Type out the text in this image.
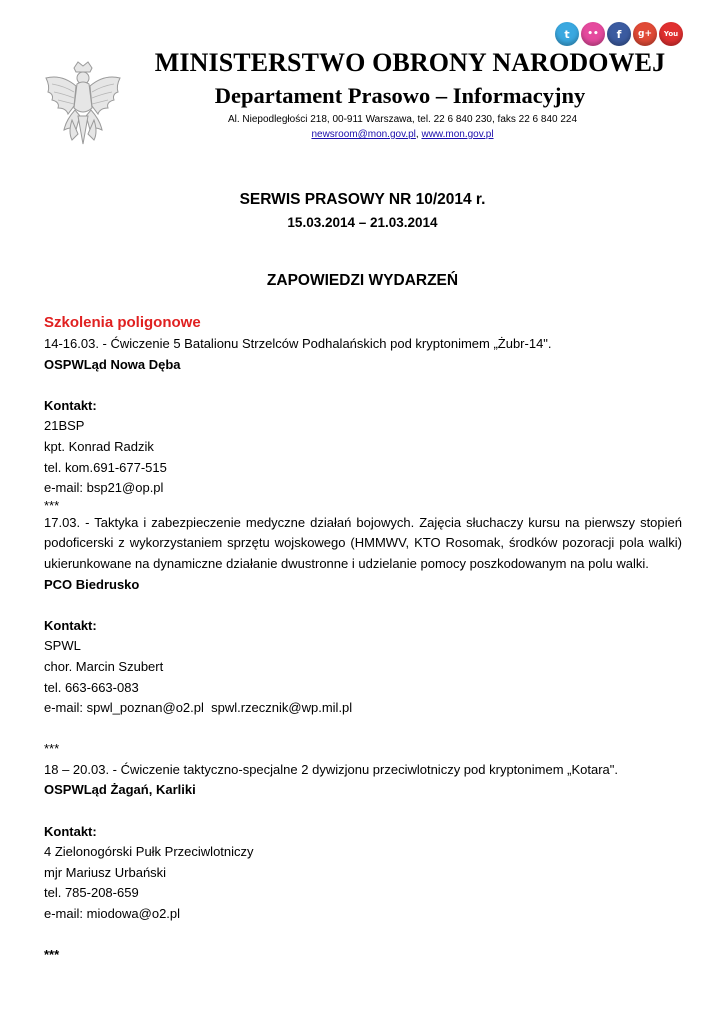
t	••	f	g+	You
MINISTERSTWO OBRONY NARODOWEJ
Departament Prasowo – Informacyjny
Al. Niepodległości 218, 00-911 Warszawa, tel. 22 6 840 230, faks 22 6 840 224
newsroom@mon.gov.pl, www.mon.gov.pl
SERWIS PRASOWY NR 10/2014 r.
15.03.2014 – 21.03.2014
ZAPOWIEDZI WYDARZEŃ

Szkolenia poligonowe

14-16.03. - Ćwiczenie 5 Batalionu Strzelców Podhalańskich pod kryptonimem „Żubr-14".

OSPWLąd Nowa Dęba

Kontakt:

21BSP

kpt. Konrad Radzik

tel. kom.691-677-515

e-mail: bsp21@op.pl

***

17.03. - Taktyka i zabezpieczenie medyczne działań bojowych. Zajęcia słuchaczy kursu na pierwszy stopień podoficerski z wykorzystaniem sprzętu wojskowego (HMMWV, KTO Rosomak, środków pozoracji pola walki) ukierunkowane na dynamiczne działanie dwustronne i udzielanie pomocy poszkodowanym na polu walki.

PCO Biedrusko

Kontakt:

SPWL

chor. Marcin Szubert

tel. 663-663-083

e-mail: spwl_poznan@o2.pl  spwl.rzecznik@wp.mil.pl

***

18 – 20.03. - Ćwiczenie taktyczno-specjalne 2 dywizjonu przeciwlotniczy pod kryptonimem „Kotara".

OSPWLąd Żagań, Karliki

Kontakt:

4 Zielonogórski Pułk Przeciwlotniczy

mjr Mariusz Urbański

tel. 785-208-659

e-mail: miodowa@o2.pl

***
